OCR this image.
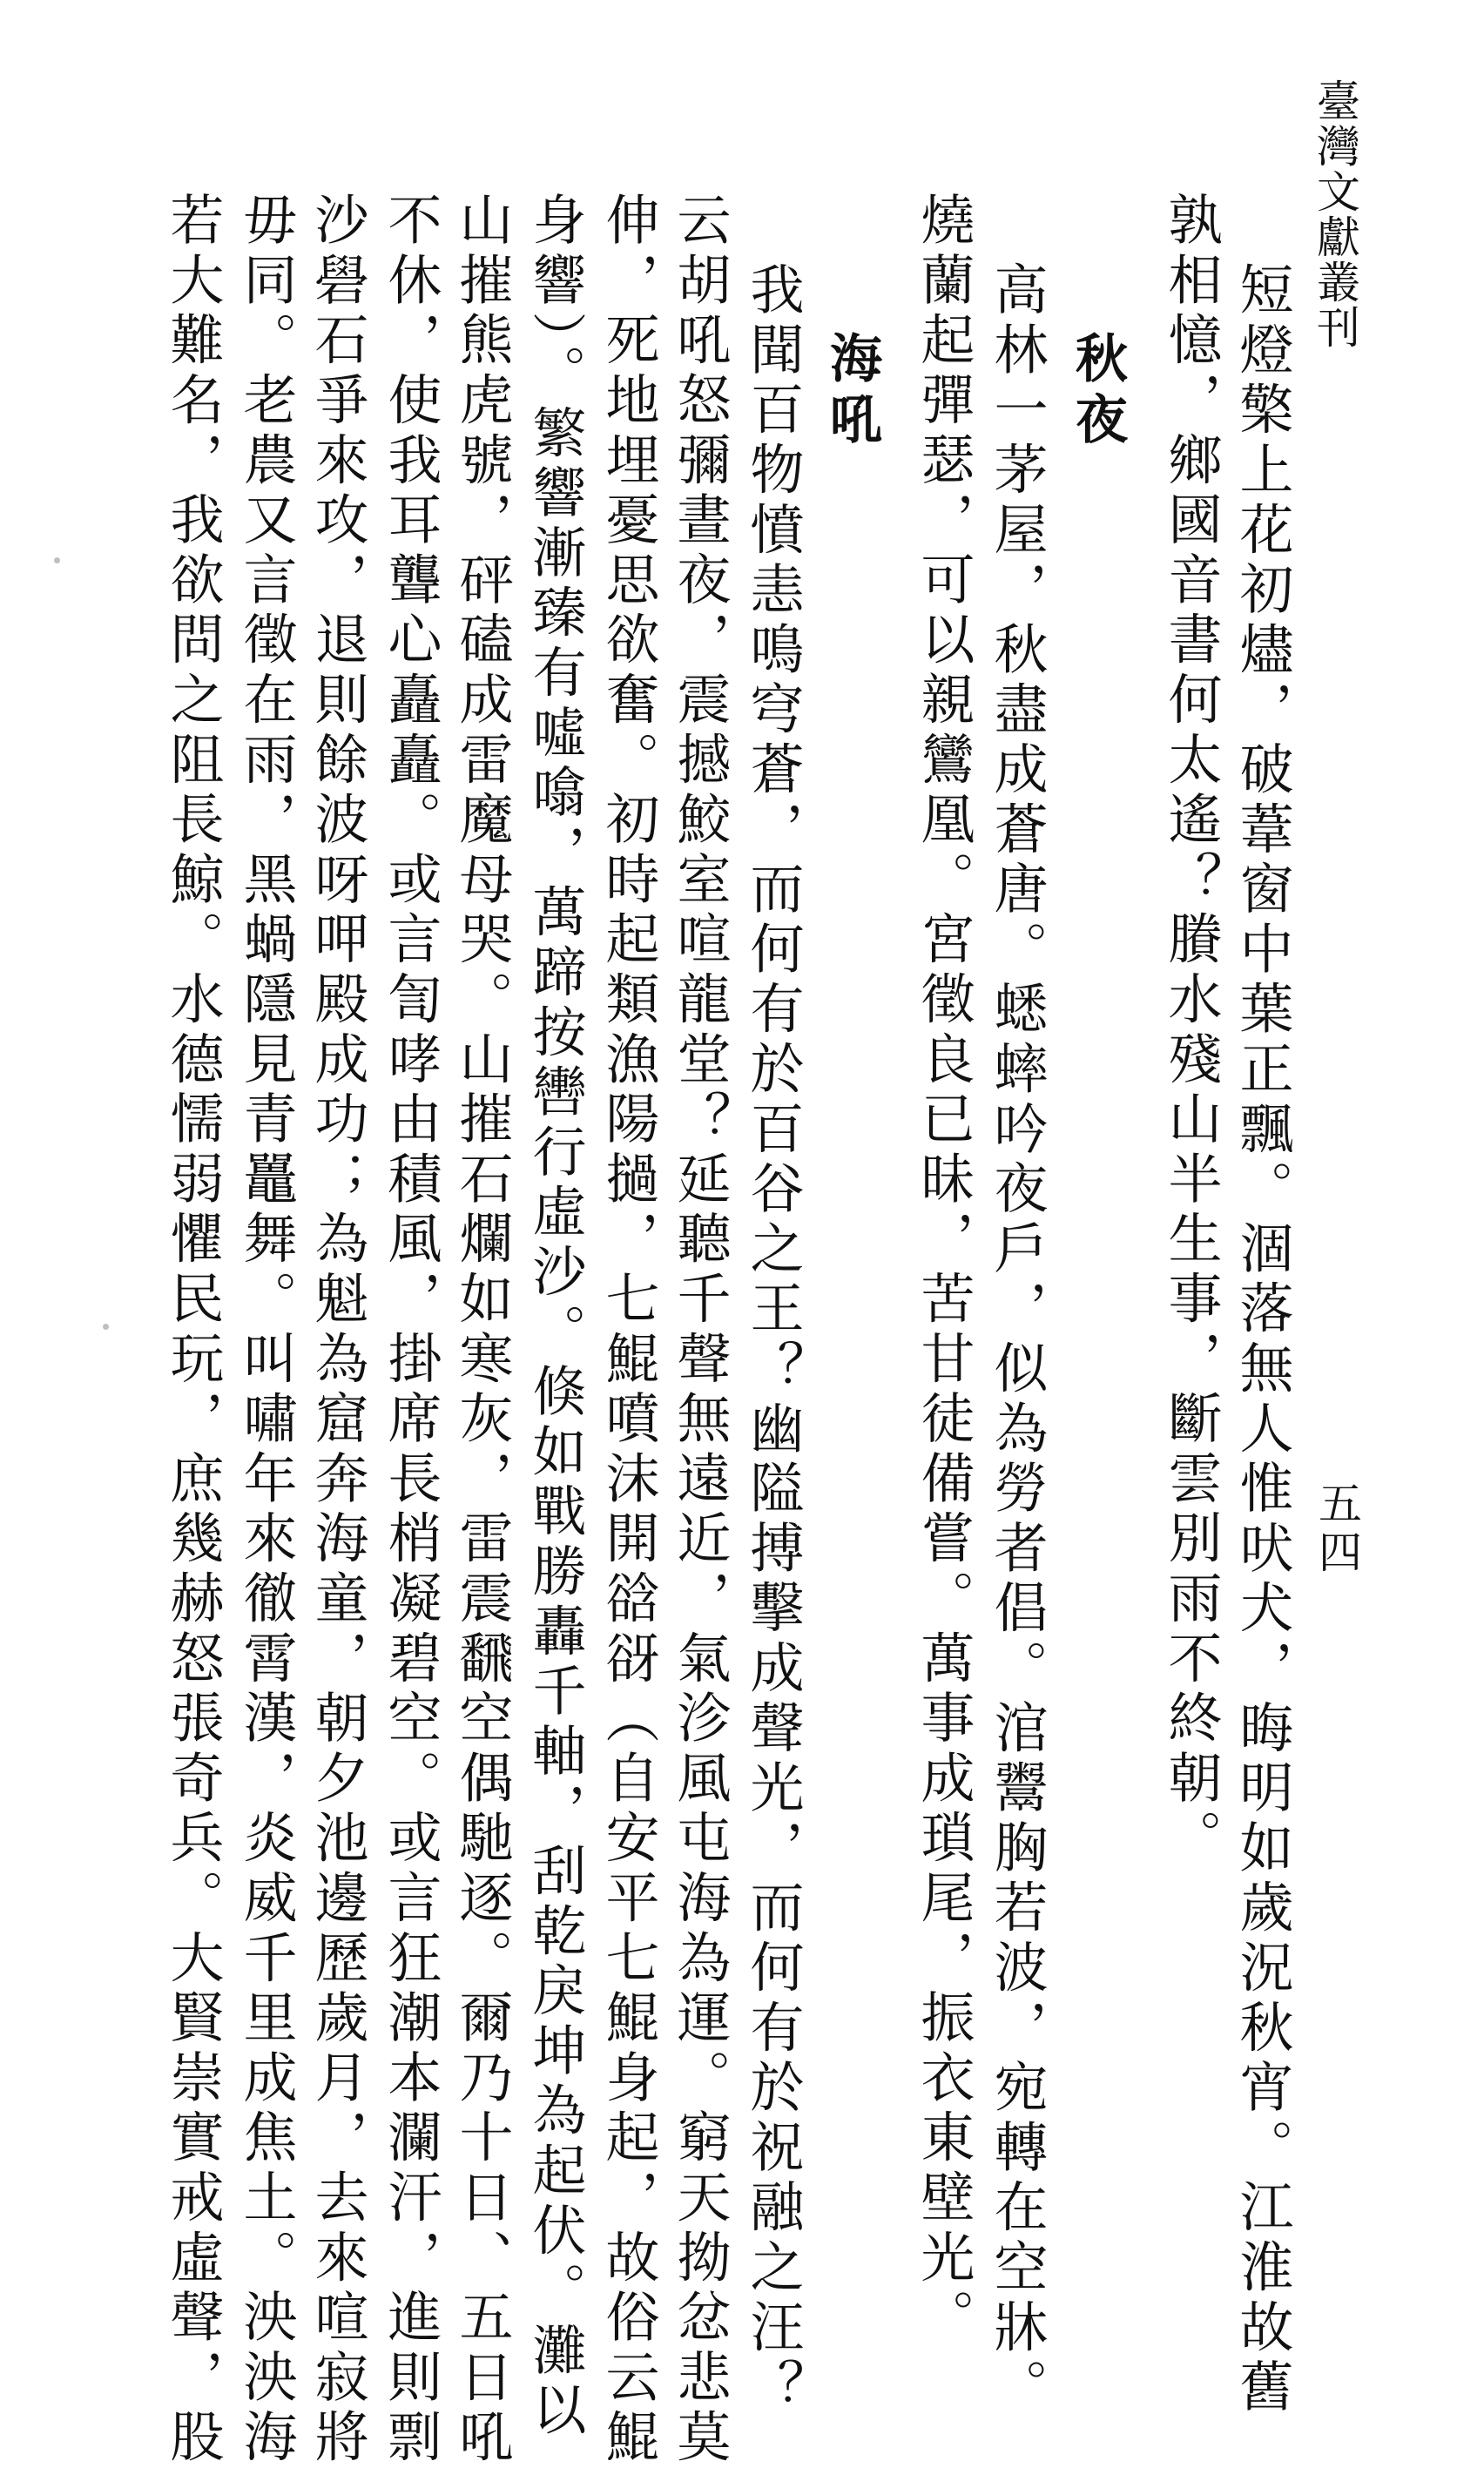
臺灣文獻叢刊
五四
短燈檠上花初燼，破葦窗中葉正飄。涸落無人惟吠犬，晦明如歲況秋宵。江淮故舊
孰相憶，鄉國音書何太遙？賸水殘山半生事，斷雲別雨不終朝。
秋夜
高林一茅屋，秋盡成蒼唐。蟋蟀吟夜戶，似為勞者倡。涫鬻胸若波，宛轉在空牀。
燒蘭起彈瑟，可以親鸞凰。宮徵良已昧，苦甘徒備嘗。萬事成瑣尾，振衣東壁光。
海吼
我聞百物憤恚鳴穹蒼，而何有於百谷之王？幽隘搏擊成聲光，而何有於祝融之汪？
云胡吼怒彌晝夜，震撼鮫室喧龍堂？延聽千聲無遠近，氣沴風屯海為運。窮天拗忿悲莫
伸，死地埋憂思欲奮。初時起類漁陽撾，七鯤噴沫開谽谺（自安平七鯤身起，故俗云鯤
身響）。繁響漸臻有噓噏，萬蹄按轡行虛沙。倏如戰勝轟千軸，刮乾戾坤為起伏。灘以
山摧熊虎號，砰磕成雷魔母哭。山摧石爛如寒灰，雷震飜空偶馳逐。爾乃十日、五日吼
不休，使我耳聾心矗矗。或言訇哮由積風，掛席長梢凝碧空。或言狂潮本瀾汗，進則剽
沙礐石爭來攻，退則餘波呀呷殿成功；為魁為窟奔海童，朝夕池邊歷歲月，去來喧寂將
毋同。老農又言徵在雨，黑蝸隱見青鼉舞。叫嘯年來徹霄漢，炎威千里成焦土。泱泱海
若大難名，我欲問之阻長鯨。水德懦弱懼民玩，庶幾赫怒張奇兵。大賢崇實戒虛聲，股
